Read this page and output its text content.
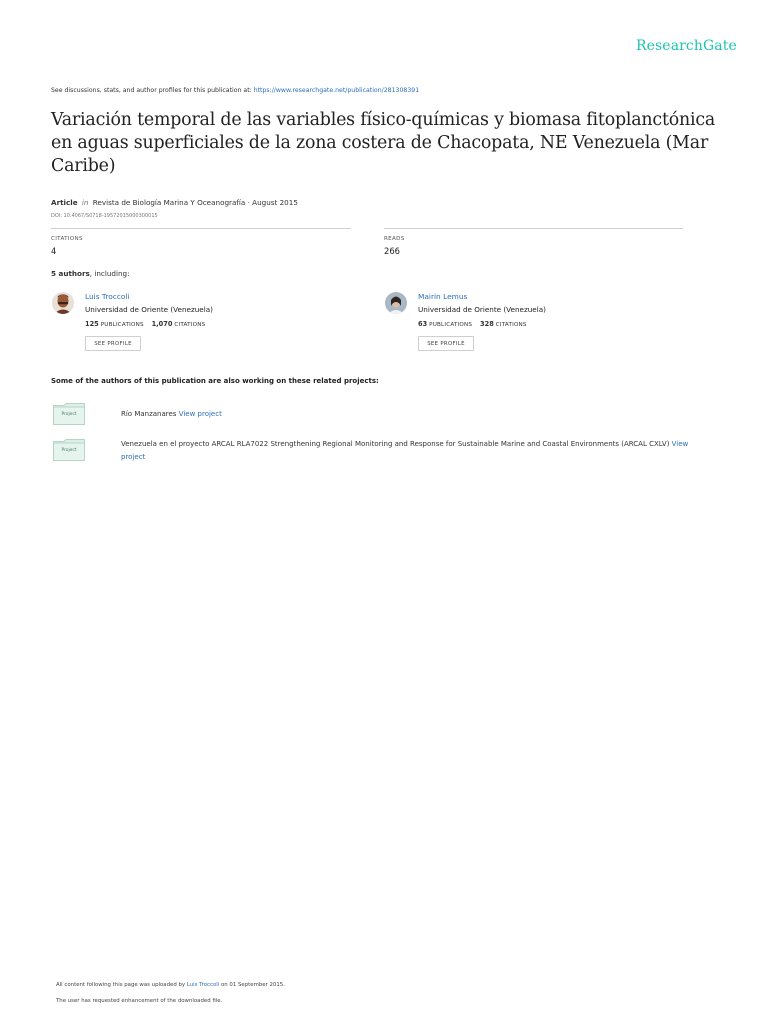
ResearchGate
See discussions, stats, and author profiles for this publication at: https://www.researchgate.net/publication/281308391
Variación temporal de las variables físico-químicas y biomasa fitoplanctónica en aguas superficiales de la zona costera de Chacopata, NE Venezuela (Mar Caribe)
Article in Revista de Biología Marina Y Oceanografía · August 2015
DOI: 10.4067/S0718-19572015000300015
CITATIONS
4
READS
266
5 authors, including:
Luis Troccoli
Universidad de Oriente (Venezuela)
125 PUBLICATIONS 1,070 CITATIONS
SEE PROFILE
Mairin Lemus
Universidad de Oriente (Venezuela)
63 PUBLICATIONS 328 CITATIONS
SEE PROFILE
Some of the authors of this publication are also working on these related projects:
Project	Río Manzanares View project
Project
Venezuela en el proyecto ARCAL RLA7022 Strengthening Regional Monitoring and Response for Sustainable Marine and Coastal Environments (ARCAL CXLV) View
project
All content following this page was uploaded by Luis Troccoli on 01 September 2015.
The user has requested enhancement of the downloaded file.
